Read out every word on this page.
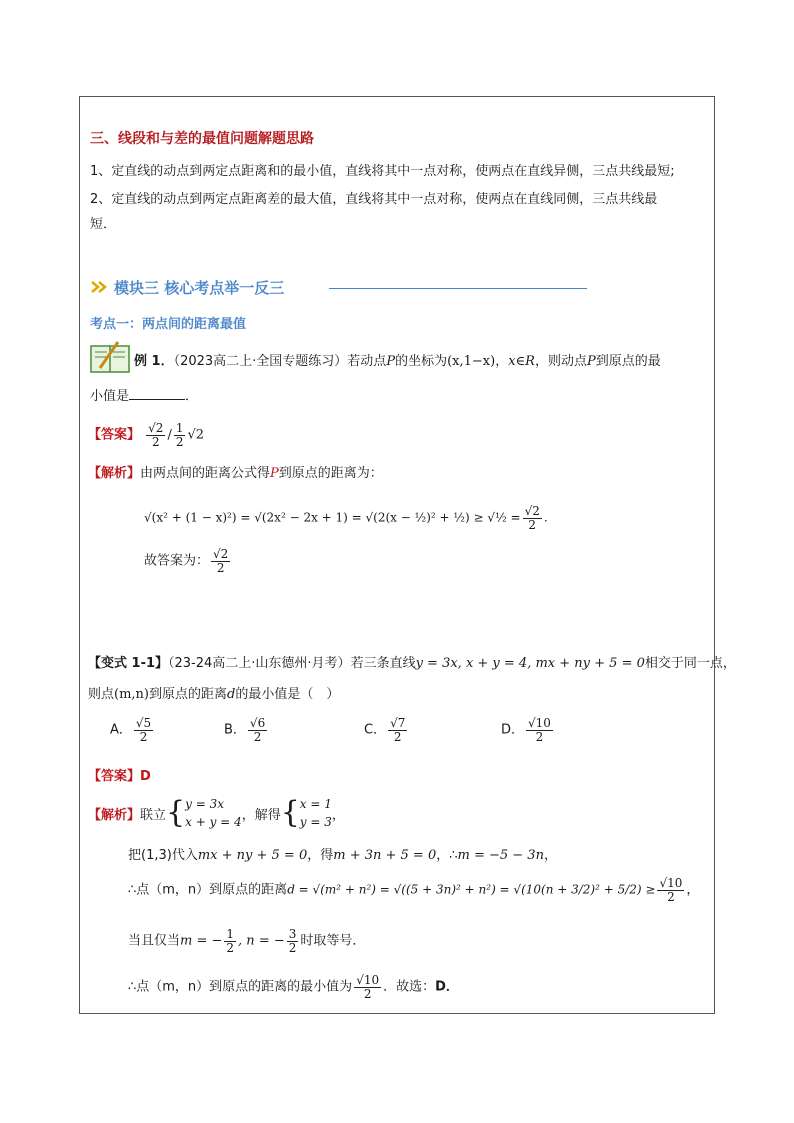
三、线段和与差的最值问题解题思路
1、定直线的动点到两定点距离和的最小值，直线将其中一点对称，使两点在直线异侧，三点共线最短;
2、定直线的动点到两定点距离差的最大值，直线将其中一点对称，使两点在直线同侧，三点共线最
短．
模块三 核心考点举一反三
考点一：两点间的距离最值
例 1．（2023高二上·全国专题练习）若动点P的坐标为(x,1−x)，x∈R，则动点P到原点的最
小值是	．
【答案】 $\frac{√2}{2} / \frac{1}{2} √2$
【解析】由两点间的距离公式得P到原点的距离为：
√(x² + (1 − x)²) = √(2x² − 2x + 1) = √(2(x − ½)² + ½) ≥ √½ = $\frac{√2}{2}$ .
故答案为： $\frac{√2}{2}$
【变式 1-1】（23-24高二上·山东德州·月考）若三条直线y = 3x, x + y = 4, mx + ny + 5 = 0相交于同一点，
则点(m,n)到原点的距离d的最小值是（　）
A． $\frac{√5}{2}$	B． $\frac{√6}{2}$	C． $\frac{√7}{2}$	D． $\frac{√10}{2}$
【答案】D
【解析】 联立 { y = 3x
x + y = 4 ，解得 { x = 1
y = 3 ，
把(1,3)代入mx + ny + 5 = 0，得m + 3n + 5 = 0，∴m = −5 − 3n，
∴点（m，n）到原点的距离$d = √(m^2 + n^2) = √((5 + 3n)^2 + n^2) = √(10(n + 3/2)^2 + 5/2) \ge \frac{√10}{2}$ ，
当且仅当m = − $\frac{1}{2}$ , n = − $\frac{3}{2}$ 时取等号．
∴点（m，n）到原点的距离的最小值为 $\frac{√10}{2}$ ．故选：D．
